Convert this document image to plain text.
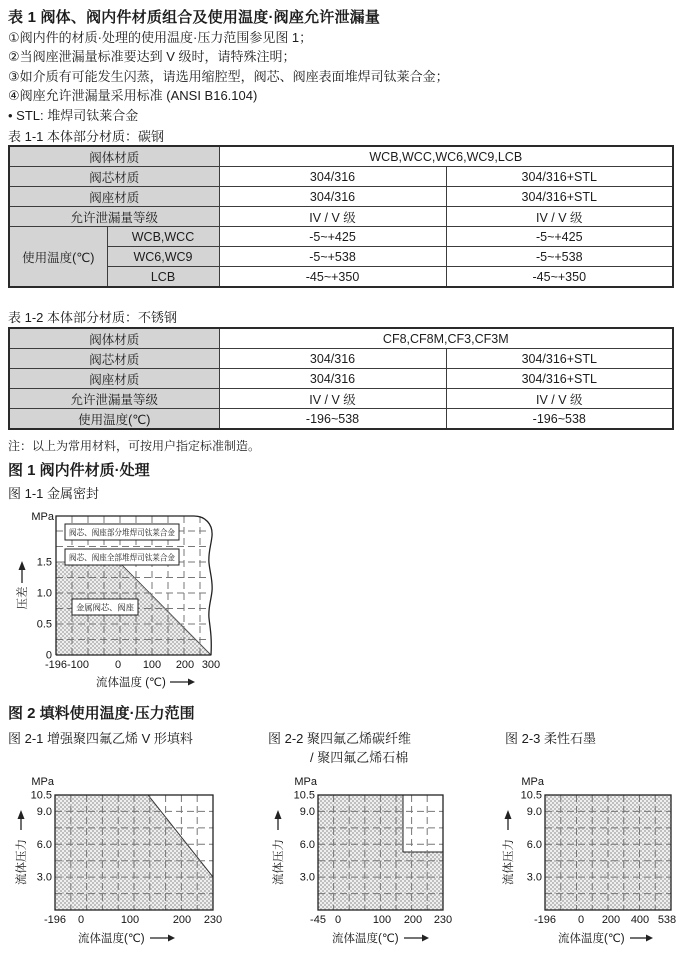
表 1 阀体、阀内件材质组合及使用温度·阀座允许泄漏量
①阀内件的材质·处理的使用温度·压力范围参见图 1；
②当阀座泄漏量标准要达到 V 级时，请特殊注明；
③如介质有可能发生闪蒸，请选用缩腔型，阀芯、阀座表面堆焊司钛莱合金；
④阀座允许泄漏量采用标准 (ANSI B16.104)
• STL: 堆焊司钛莱合金
表 1-1 本体部分材质：碳钢
阀体材质		WCB,WCC,WC6,WC9,LCB	
阀芯材质		304/316	304/316+STL
阀座材质		304/316	304/316+STL
允许泄漏量等级		IV / V 级	IV / V 级
使用温度(℃)	WCB,WCC	-5~+425	-5~+425
	WC6,WC9	-5~+538	-5~+538
	LCB	-45~+350	-45~+350
表 1-2 本体部分材质：不锈钢
阀体材质	CF8,CF8M,CF3,CF3M	
阀芯材质	304/316	304/316+STL
阀座材质	304/316	304/316+STL
允许泄漏量等级	IV / V 级	IV / V 级
使用温度(℃)	-196~538	-196~538
注：以上为常用材料，可按用户指定标准制造。
图 1 阀内件材质·处理
图 1-1 金属密封
阀芯、阀座部分堆焊司钛莱合金
阀芯、阀座全部堆焊司钛莱合金
金属阀芯、阀座
MPa
1.5
1.0
0.5
0
压差
-196 -100 0 100 200 300
流体温度 (℃)
图 2 填料使用温度·压力范围
图 2-1 增强聚四氟乙烯 V 形填料	图 2-2 聚四氟乙烯碳纤维
/ 聚四氟乙烯石棉
图 2-3 柔性石墨
MPa
10.5
9.0
6.0
3.0
流体压力
-196 0	100	200 230
流体温度(℃)
MPa
10.5
9.0
6.0
3.0
流体压力
-45 0	100 200 230
流体温度(℃)
MPa
10.5
9.0
6.0
3.0
流体压力
-196 0 200 400 538
流体温度(℃)
